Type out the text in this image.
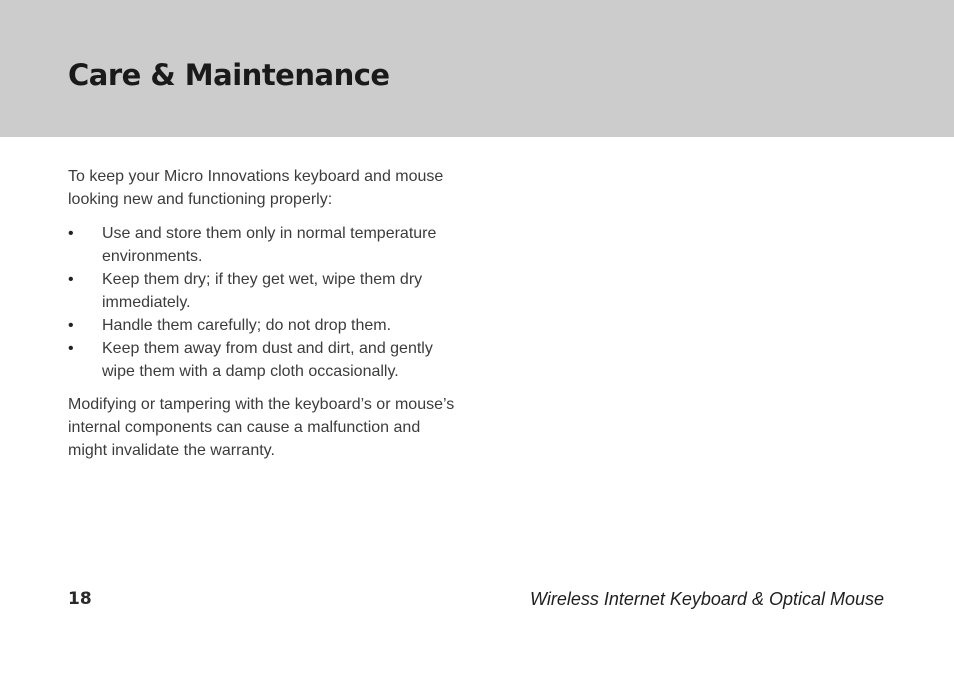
Care & Maintenance

To keep your Micro Innovations keyboard and mouse looking new and functioning properly:

• Use and store them only in normal temperature environments.
• Keep them dry; if they get wet, wipe them dry immediately.
• Handle them carefully; do not drop them.
• Keep them away from dust and dirt, and gently wipe them with a damp cloth occasionally.

Modifying or tampering with the keyboard’s or mouse’s internal components can cause a malfunction and might invalidate the warranty.

18	Wireless Internet Keyboard & Optical Mouse
